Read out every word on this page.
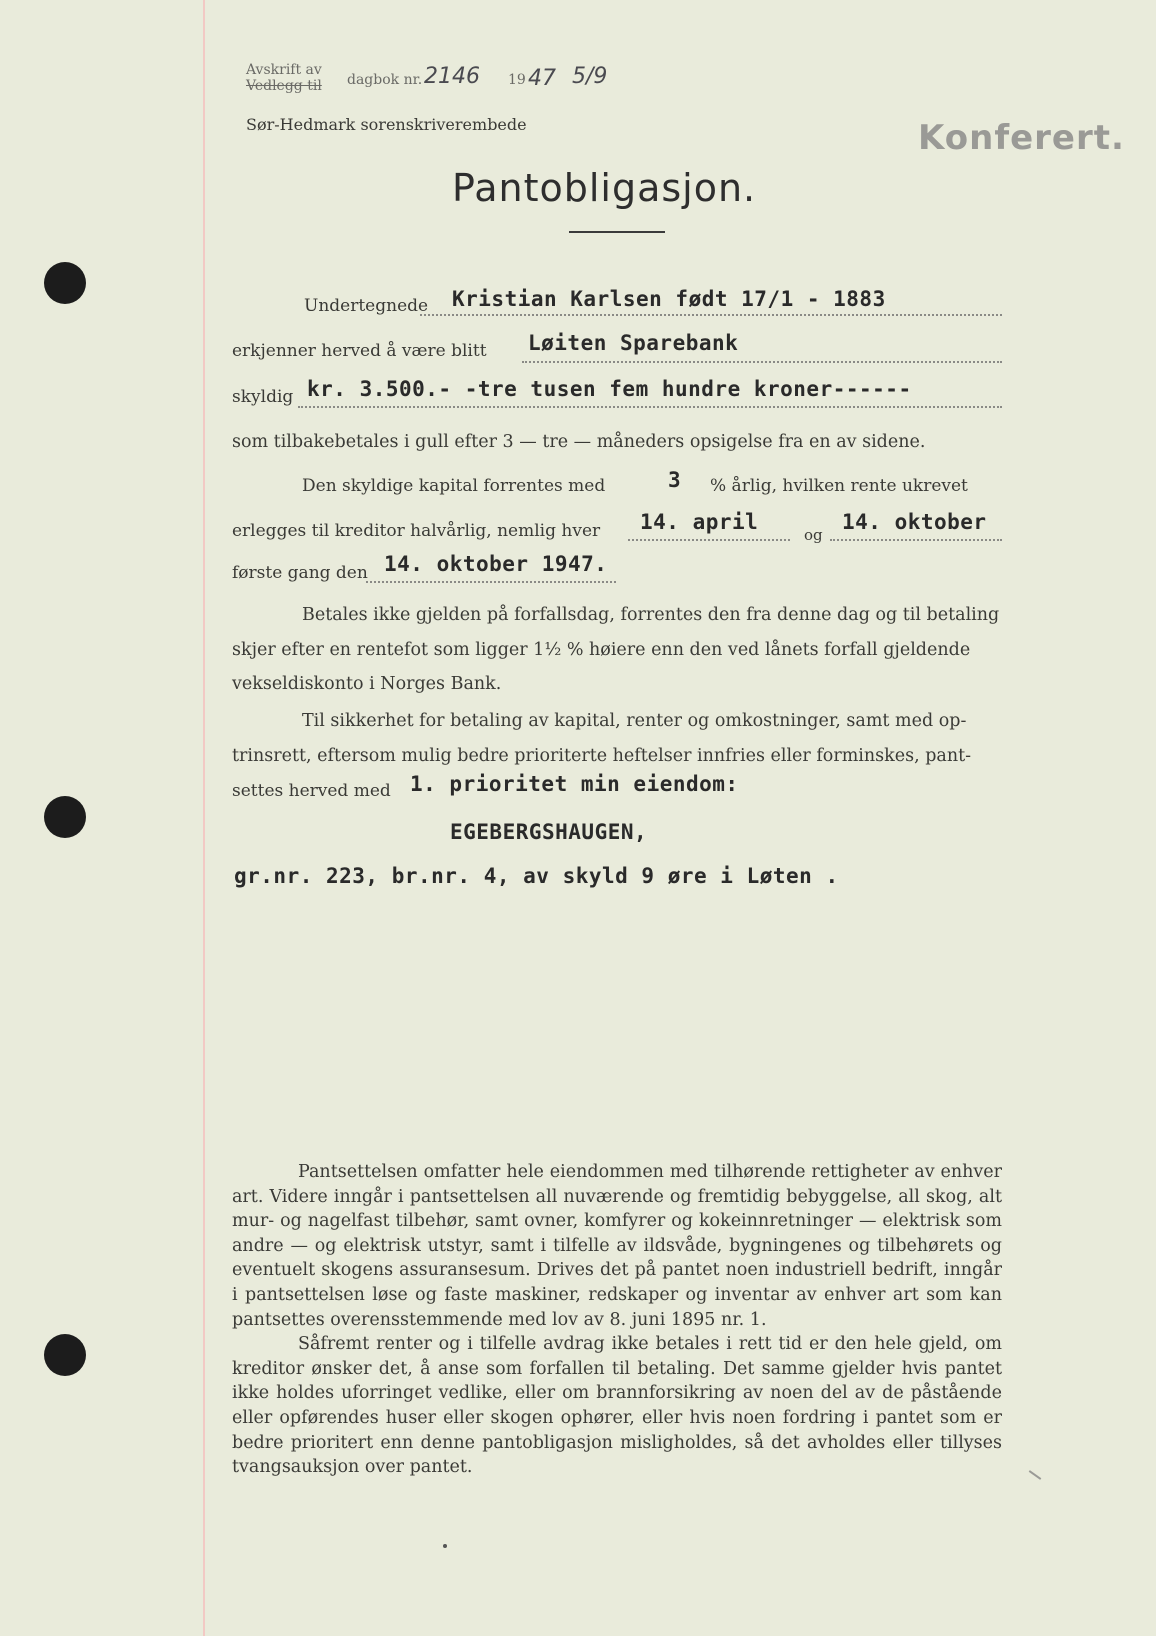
Avskrift av
Vedlegg til dagbok nr. 2146 19 47 5/9
Sør-Hedmark sorenskriverembede	Konferert.
Pantobligasjon.
Undertegnede Kristian Karlsen født 17/1 - 1883
erkjenner herved å være blitt Løiten Sparebank
skyldig kr. 3.500.- -tre tusen fem hundre kroner------
som tilbakebetales i gull efter 3 — tre — måneders opsigelse fra en av sidene.
Den skyldige kapital forrentes med	3 % årlig, hvilken rente ukrevet
erlegges til kreditor halvårlig, nemlig hver 14. april
og
14. oktober
første gang den 14. oktober 1947.
Betales ikke gjelden på forfallsdag, forrentes den fra denne dag og til betaling
skjer efter en rentefot som ligger 1½ % høiere enn den ved lånets forfall gjeldende
vekseldiskonto i Norges Bank.
Til sikkerhet for betaling av kapital, renter og omkostninger, samt med op-
trinsrett, eftersom mulig bedre prioriterte heftelser innfries eller forminskes, pant-
settes herved med 1. prioritet min eiendom:
EGEBERGSHAUGEN,
gr.nr. 223, br.nr. 4, av skyld 9 øre i Løten .

Pantsettelsen omfatter hele eiendommen med tilhørende rettigheter av enhver art. Videre inngår i pantsettelsen all nuværende og fremtidig bebyggelse, all skog, alt mur- og nagelfast tilbehør, samt ovner, komfyrer og kokeinnretninger — elektrisk som andre — og elektrisk utstyr, samt i tilfelle av ildsvåde, bygningenes og tilbehørets og eventuelt skogens assuransesum. Drives det på pantet noen industriell bedrift, inngår i pantsettelsen løse og faste maskiner, redskaper og inventar av enhver art som kan pantsettes overensstemmende med lov av 8. juni 1895 nr. 1.

Såfremt renter og i tilfelle avdrag ikke betales i rett tid er den hele gjeld, om kreditor ønsker det, å anse som forfallen til betaling. Det samme gjelder hvis pantet ikke holdes uforringet vedlike, eller om brannforsikring av noen del av de påstående eller opførendes huser eller skogen ophører, eller hvis noen fordring i pantet som er bedre prioritert enn denne pantobligasjon misligholdes, så det avholdes eller tillyses tvangsauksjon over pantet.
